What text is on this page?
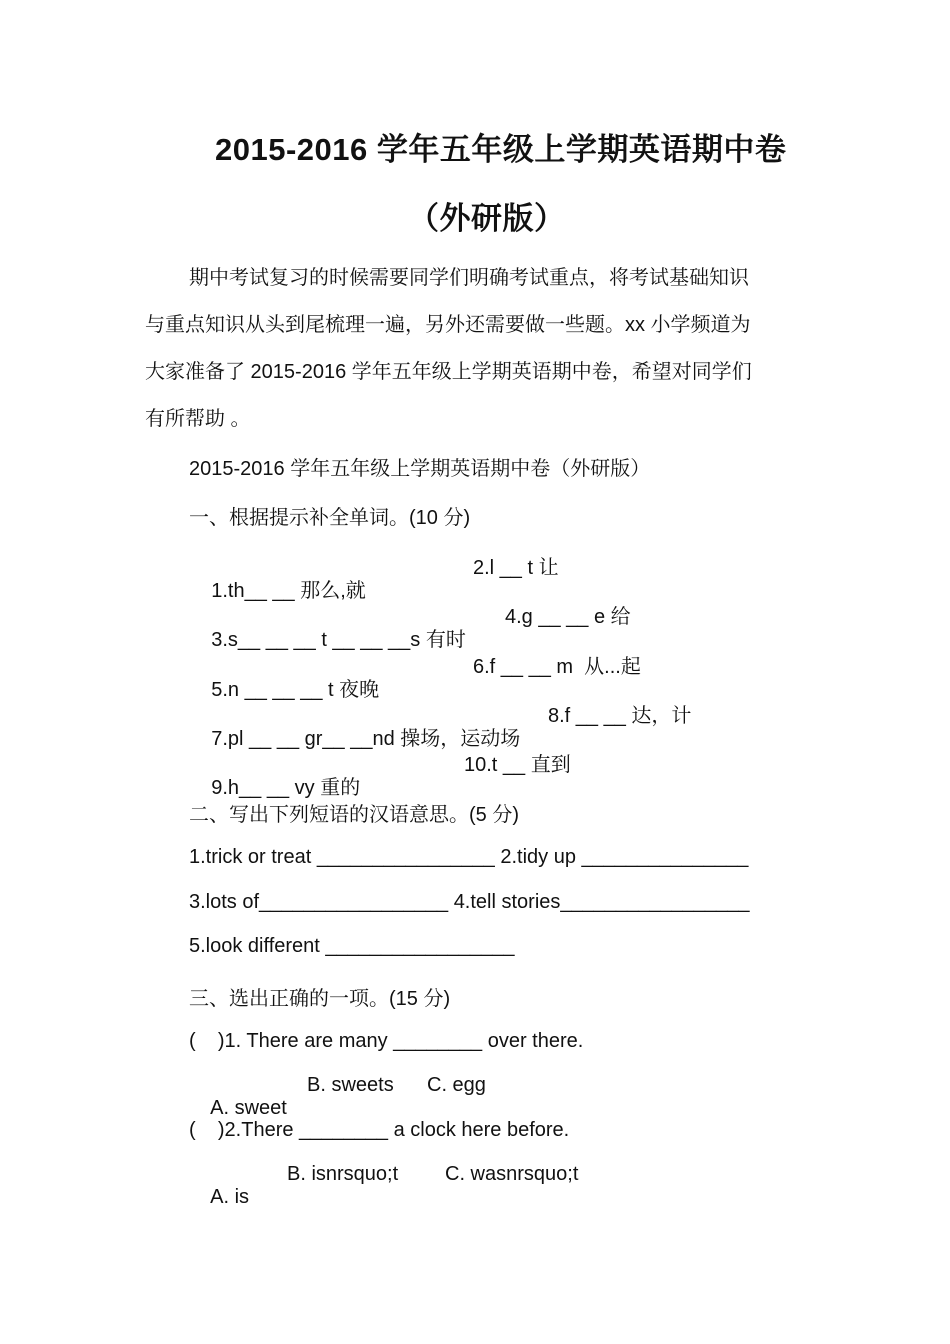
2015-2016 学年五年级上学期英语期中卷
（外研版）
期中考试复习的时候需要同学们明确考试重点，将考试基础知识
与重点知识从头到尾梳理一遍，另外还需要做一些题。xx 小学频道为
大家准备了 2015-2016 学年五年级上学期英语期中卷，希望对同学们
有所帮助 。
2015-2016 学年五年级上学期英语期中卷（外研版）
一、根据提示补全单词。(10 分)

1.th__ __ 那么,就

2.l __ t 让

3.s__ __ __ t __ __ __s 有时

4.g __ __ e 给

5.n __ __ __ t 夜晚

6.f __ __ m  从...起

7.pl __ __ gr__ __nd 操场，运动场

8.f __ __ 达，计

9.h__ __ vy 重的

10.t __ 直到

二、写出下列短语的汉语意思。(5 分)
1.trick or treat ________________ 2.tidy up _______________
3.lots of_________________ 4.tell stories_________________
5.look different _________________
三、选出正确的一项。(15 分)
(    )1. There are many ________ over there.

A. sweet

B. sweets

C. egg

(    )2.There ________ a clock here before.

A. is

B. isnrsquo;t

C. wasnrsquo;t
